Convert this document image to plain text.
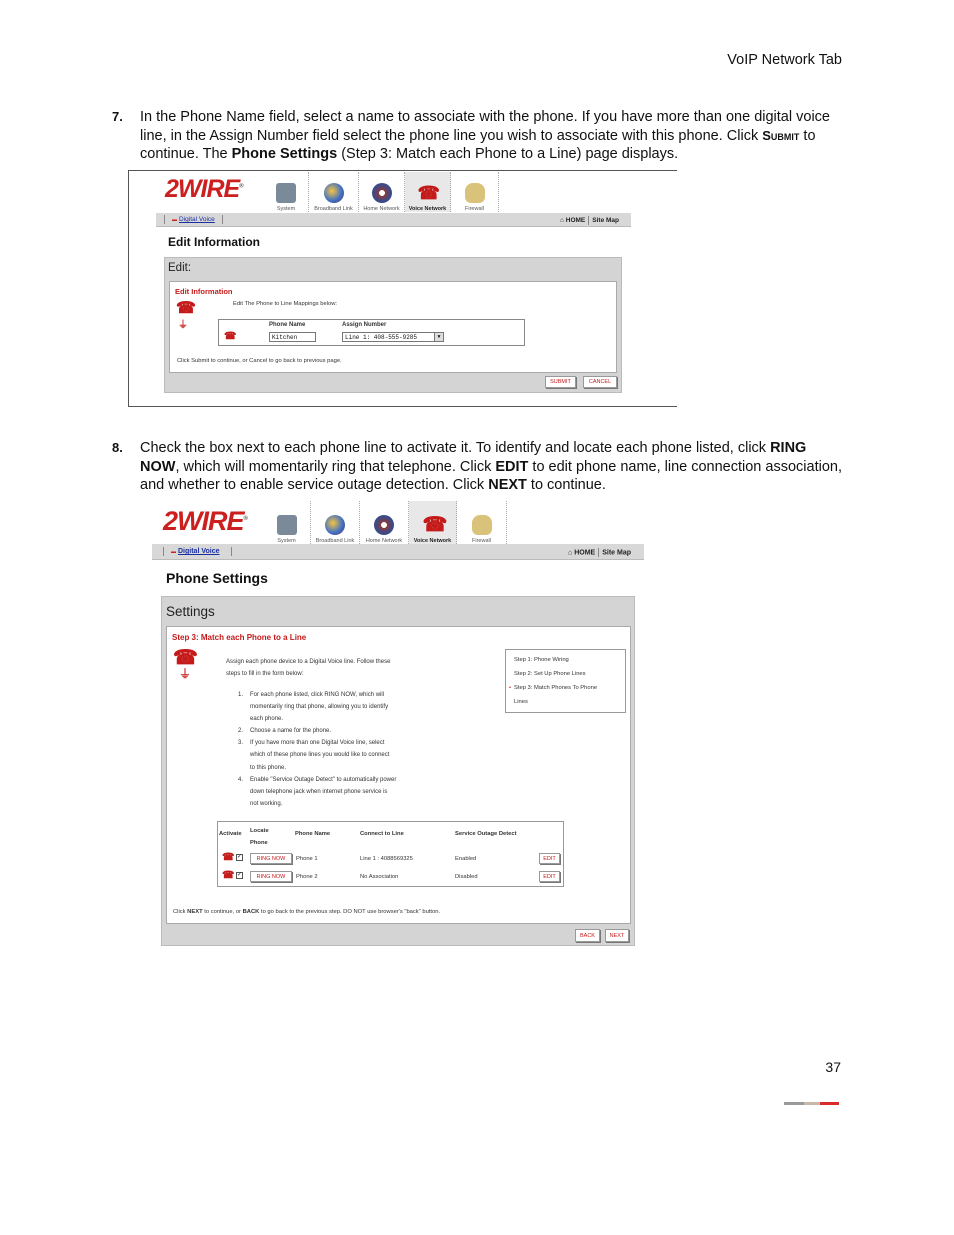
VoIP Network Tab
7. In the Phone Name field, select a name to associate with the phone. If you have more than one digital voice line, in the Assign Number field select the phone line you wish to associate with this phone. Click Submit to continue. The Phone Settings (Step 3: Match each Phone to a Line) page displays.
2WIRE®
System	Broadband Link Home Network
☎
Voice Network	Firewall
▬ Digital Voice	⌂ HOME Site Map
Edit Information
Edit:
Edit Information
☎
⏚
Edit The Phone to Line Mappings below:
Phone Name	Assign Number
☎	Kitchen	Line 1: 408-555-9285	▼
Click Submit to continue, or Cancel to go back to previous page.
SUBMIT	CANCEL
8. Check the box next to each phone line to activate it. To identify and locate each phone listed, click RING NOW, which will momentarily ring that telephone. Click EDIT to edit phone name, line connection association, and whether to enable service outage detection. Click NEXT to continue.
2WIRE®
System	Broadband Link Home Network
☎
Voice Network	Firewall
▬ Digital Voice	⌂ HOME Site Map
Phone Settings
Settings
Step 3: Match each Phone to a Line
☎
⏚
Assign each phone device to a Digital Voice line. Follow these
steps to fill in the form below:
1. For each phone listed, click RING NOW, which will
momentarily ring that phone, allowing you to identify
each phone.
2. Choose a name for the phone.
3. If you have more than one Digital Voice line, select
which of these phone lines you would like to connect
to this phone.
4. Enable "Service Outage Detect" to automatically power
down telephone jack when internet phone service is
not working.
Step 1: Phone Wiring
Step 2: Set Up Phone Lines
• Step 3: Match Phones To Phone
Lines
Activate Locate
Phone
Phone Name	Connect to Line	Service Outage Detect
☎ ✓	RING NOW	Phone 1	Line 1 : 4088569325	Enabled	EDIT
☎ ✓	RING NOW	Phone 2	No Association	Disabled	EDIT
Click NEXT to continue, or BACK to go back to the previous step. DO NOT use browser's "back" button.
BACK	NEXT
37
